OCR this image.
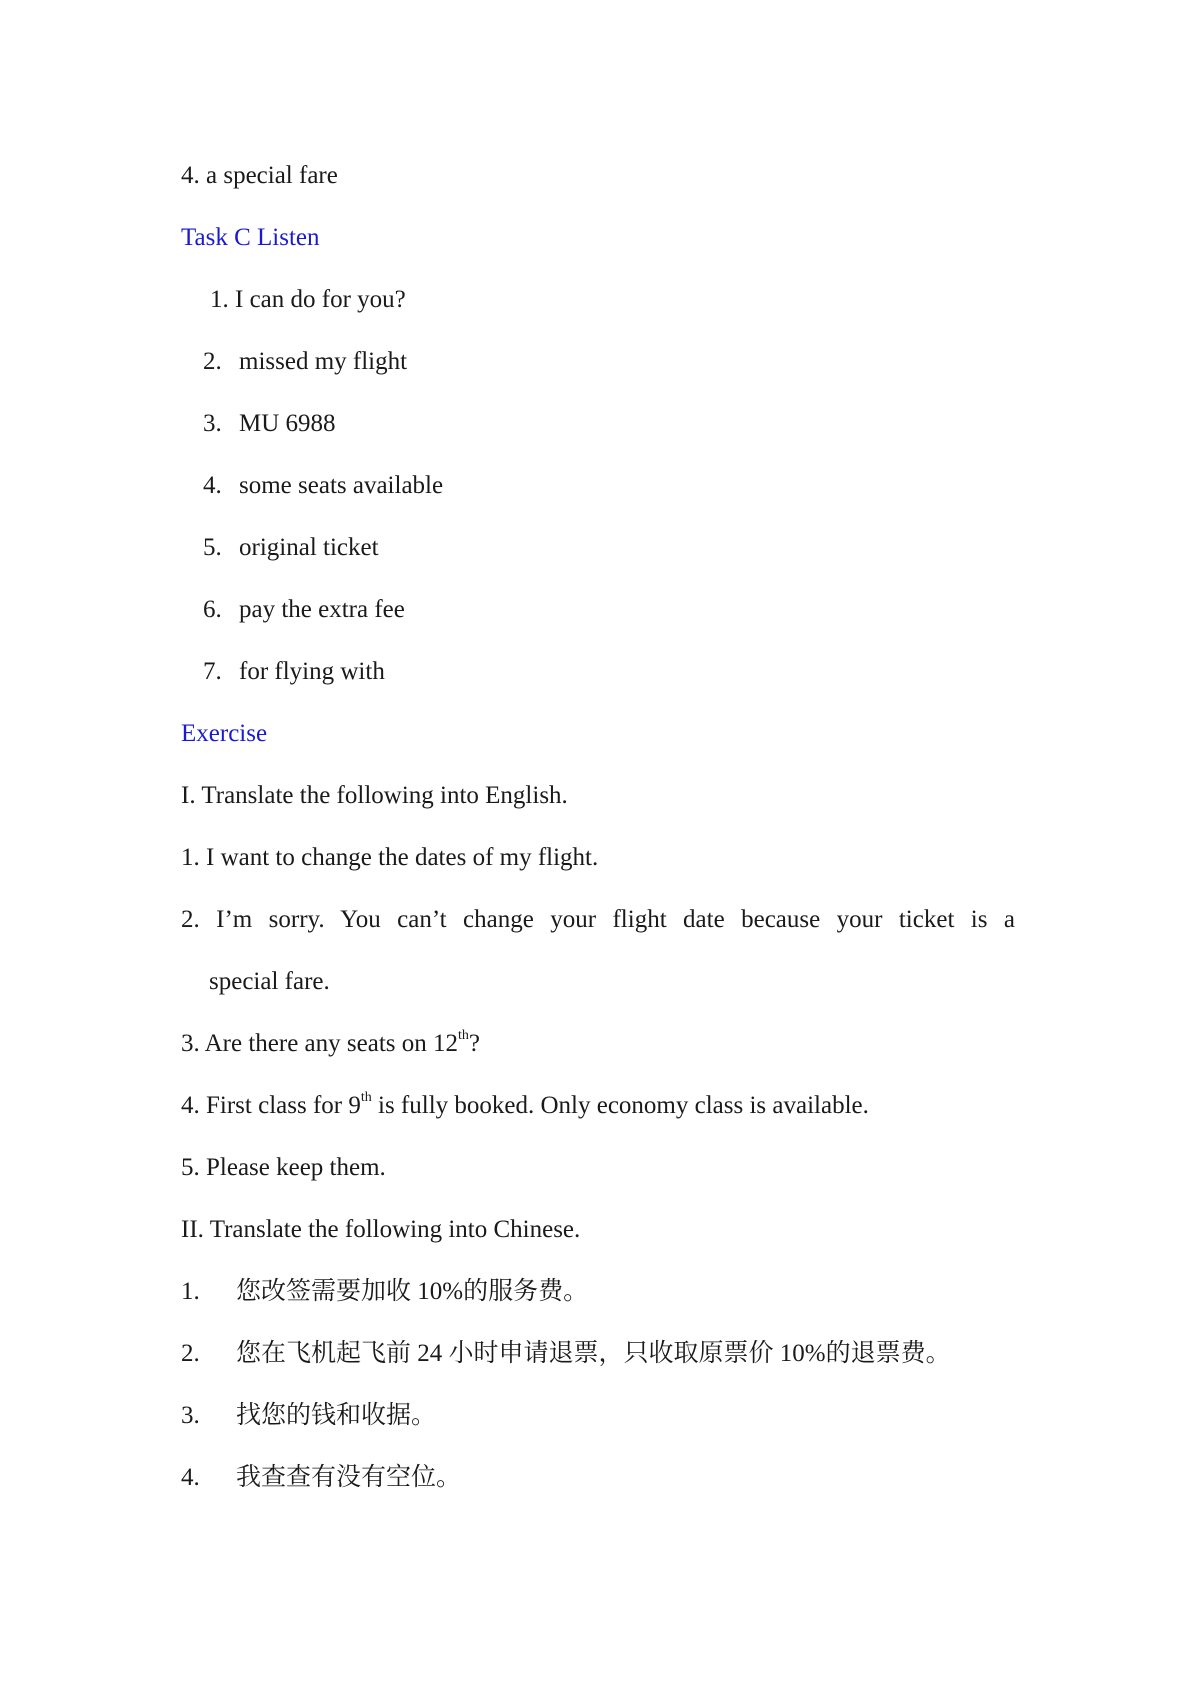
4. a special fare
Task C Listen
1. I can do for you?
2. missed my flight
3. MU 6988
4. some seats available
5. original ticket
6. pay the extra fee
7. for flying with
Exercise
I. Translate the following into English.
1. I want to change the dates of my flight.
2. I’m sorry. You can’t change your flight date because your ticket is a
special fare.
3. Are there any seats on 12th?
4. First class for 9th is fully booked. Only economy class is available.
5. Please keep them.
II. Translate the following into Chinese.
1. 您改签需要加收 10%的服务费。
2. 您在飞机起飞前 24 小时申请退票，只收取原票价 10%的退票费。
3. 找您的钱和收据。
4. 我查查有没有空位。
